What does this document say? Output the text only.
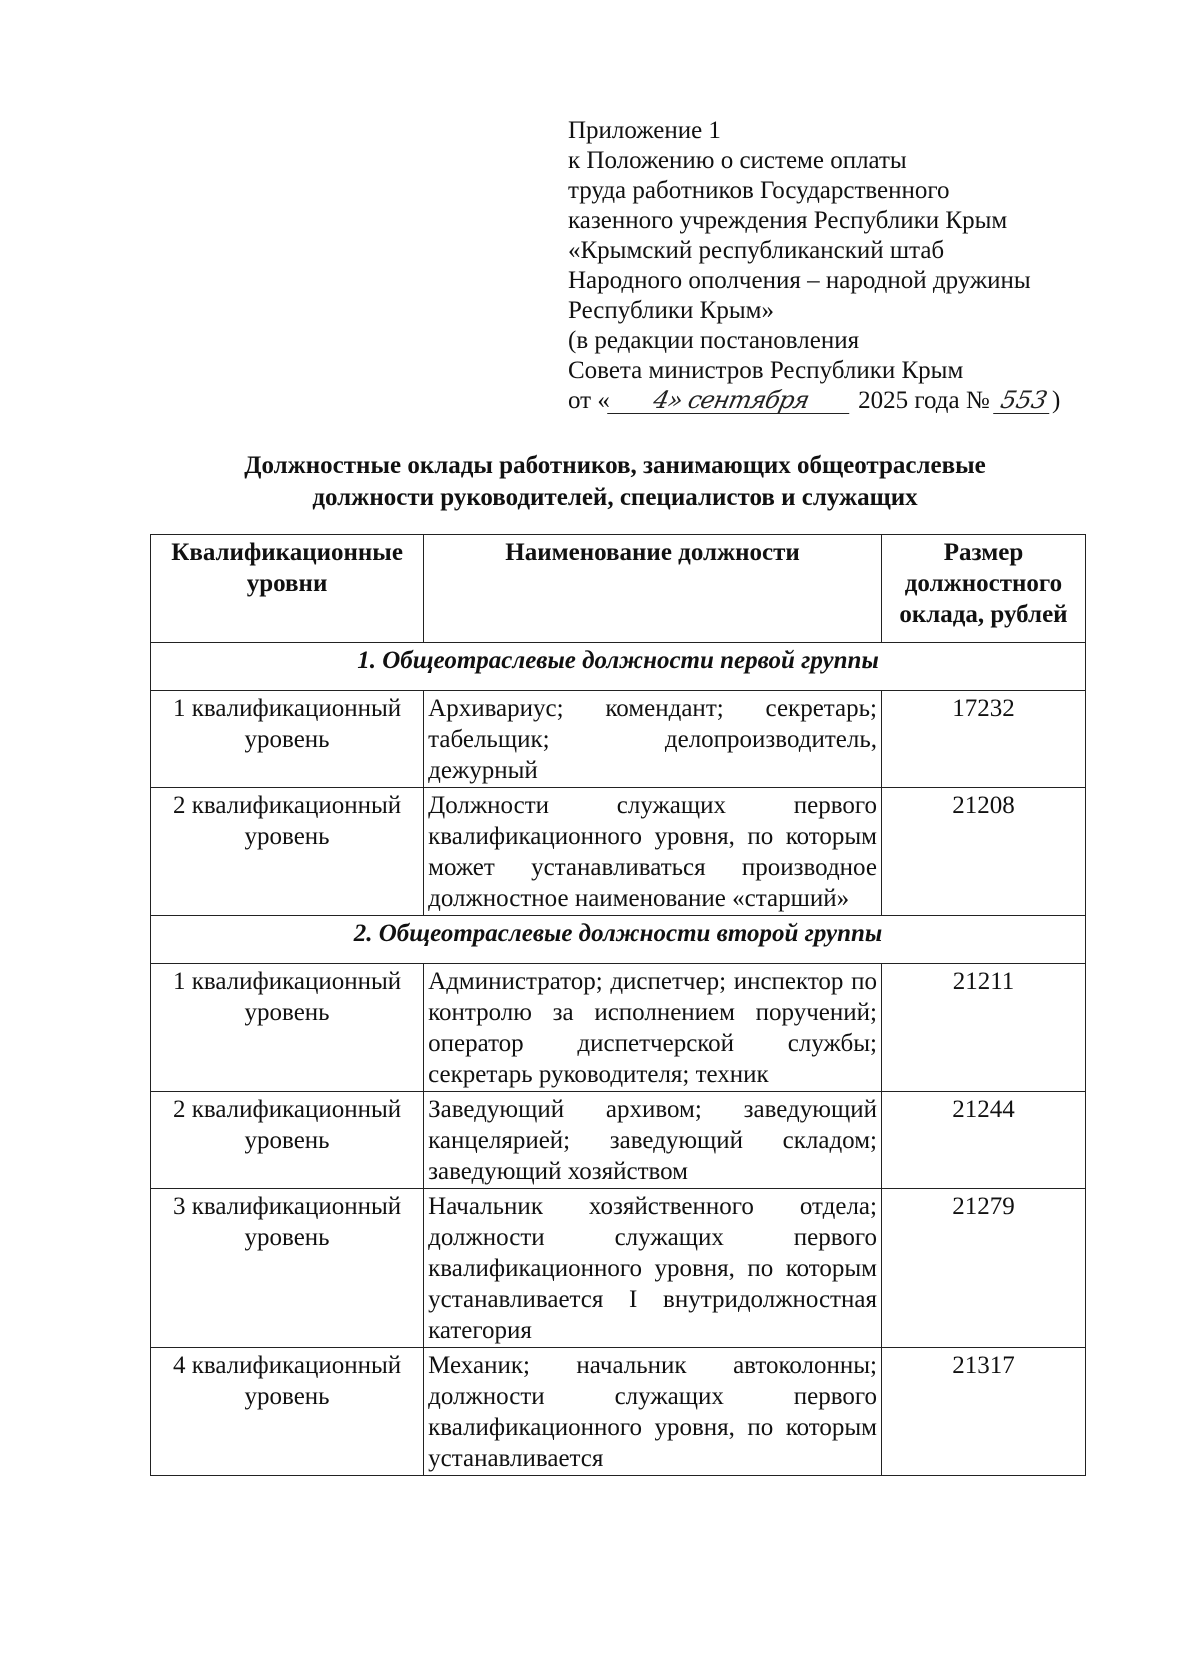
Приложение 1
к Положению о системе оплаты
труда работников Государственного
казенного учреждения Республики Крым
«Крымский республиканский штаб
Народного ополчения – народной дружины
Республики Крым»
(в редакции постановления
Совета министров Республики Крым
от « 4» сентября 2025 года № 553)
Должностные оклады работников, занимающих общеотраслевые
должности руководителей, специалистов и служащих
Квалификационные уровни	Наименование должности	Размер должностного оклада, рублей
1. Общеотраслевые должности первой группы		
1 квалификационный уровень	Архивариус; комендант; секретарь; табельщик; делопроизводитель, дежурный	17232
2 квалификационный уровень	Должности служащих первого квалификационного уровня, по которым может устанавливаться производное должностное наименование «старший»	21208
2. Общеотраслевые должности второй группы		
1 квалификационный уровень	Администратор; диспетчер; инспектор по контролю за исполнением поручений; оператор диспетчерской службы; секретарь руководителя; техник	21211
2 квалификационный уровень	Заведующий архивом; заведующий канцелярией; заведующий складом; заведующий хозяйством	21244
3 квалификационный уровень	Начальник хозяйственного отдела; должности служащих первого квалификационного уровня, по которым устанавливается I внутридолжностная категория	21279
4 квалификационный уровень	Механик; начальник автоколонны; должности служащих первого квалификационного уровня, по которым устанавливается	21317
